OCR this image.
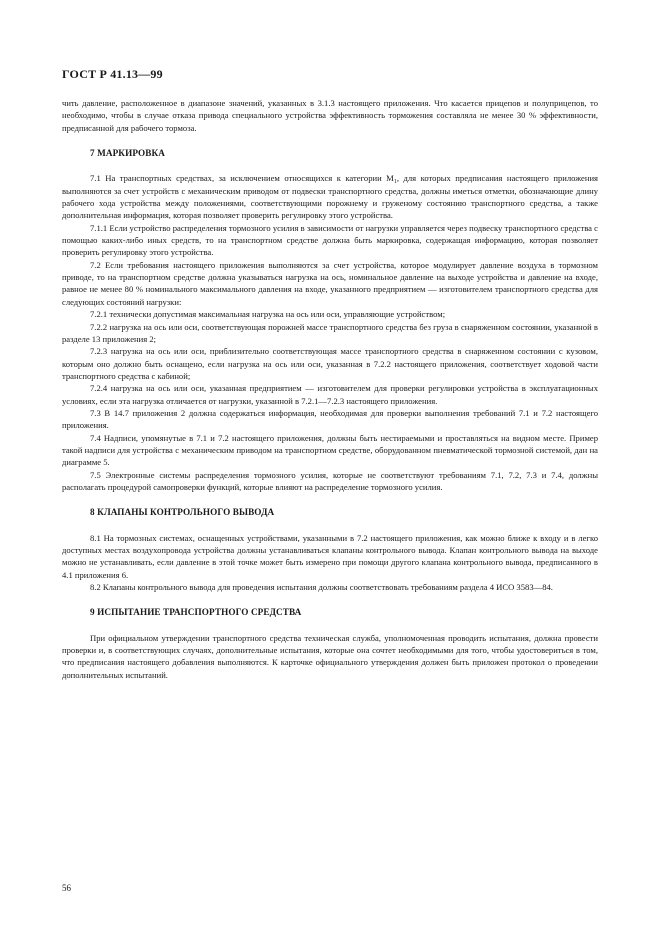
ГОСТ Р 41.13—99

чить давление, расположенное в диапазоне значений, указанных в 3.1.3 настоящего приложения. Что касается прицепов и полуприцепов, то необходимо, чтобы в случае отказа привода специального устройства эффективность торможения составляла не менее 30 % эффективности, предписанной для рабочего тормоза.

7 МАРКИРОВКА

7.1 На транспортных средствах, за исключением относящихся к категории $M_1$, для которых предписания настоящего приложения выполняются за счет устройств с механическим приводом от подвески транспортного средства, должны иметься отметки, обозначающие длину рабочего хода устройства между положениями, соответствующими порожнему и груженому состоянию транспортного средства, а также дополнительная информация, которая позволяет проверить регулировку этого устройства.

7.1.1 Если устройство распределения тормозного усилия в зависимости от нагрузки управляется через подвеску транспортного средства с помощью каких-либо иных средств, то на транспортном средстве должна быть маркировка, содержащая информацию, которая позволяет проверить регулировку этого устройства.

7.2 Если требования настоящего приложения выполняются за счет устройства, которое модулирует давление воздуха в тормозном приводе, то на транспортном средстве должна указываться нагрузка на ось, номинальное давление на выходе устройства и давление на входе, равное не менее 80 % номинального максимального давления на входе, указанного предприятием — изготовителем транспортного средства для следующих состояний нагрузки:

7.2.1 технически допустимая максимальная нагрузка на ось или оси, управляющие устройством;

7.2.2 нагрузка на ось или оси, соответствующая порожней массе транспортного средства без груза в снаряженном состоянии, указанной в разделе 13 приложения 2;

7.2.3 нагрузка на ось или оси, приблизительно соответствующая массе транспортного средства в снаряженном состоянии с кузовом, которым оно должно быть оснащено, если нагрузка на ось или оси, указанная в 7.2.2 настоящего приложения, соответствует ходовой части транспортного средства с кабиной;

7.2.4 нагрузка на ось или оси, указанная предприятием — изготовителем для проверки регулировки устройства в эксплуатационных условиях, если эта нагрузка отличается от нагрузки, указанной в 7.2.1—7.2.3 настоящего приложения.

7.3 В 14.7 приложения 2 должна содержаться информация, необходимая для проверки выполнения требований 7.1 и 7.2 настоящего приложения.

7.4 Надписи, упомянутые в 7.1 и 7.2 настоящего приложения, должны быть нестираемыми и проставляться на видном месте. Пример такой надписи для устройства с механическим приводом на транспортном средстве, оборудованном пневматической тормозной системой, дан на диаграмме 5.

7.5 Электронные системы распределения тормозного усилия, которые не соответствуют требованиям 7.1, 7.2, 7.3 и 7.4, должны располагать процедурой самопроверки функций, которые влияют на распределение тормозного усилия.

8 КЛАПАНЫ КОНТРОЛЬНОГО ВЫВОДА

8.1 На тормозных системах, оснащенных устройствами, указанными в 7.2 настоящего приложения, как можно ближе к входу и в легко доступных местах воздухопровода устройства должны устанавливаться клапаны контрольного вывода. Клапан контрольного вывода на выходе можно не устанавливать, если давление в этой точке может быть измерено при помощи другого клапана контрольного вывода, предписанного в 4.1 приложения 6.

8.2 Клапаны контрольного вывода для проведения испытания должны соответствовать требованиям раздела 4 ИСО 3583—84.

9 ИСПЫТАНИЕ ТРАНСПОРТНОГО СРЕДСТВА

При официальном утверждении транспортного средства техническая служба, уполномоченная проводить испытания, должна провести проверки и, в соответствующих случаях, дополнительные испытания, которые она сочтет необходимыми для того, чтобы удостовериться в том, что предписания настоящего добавления выполняются. К карточке официального утверждения должен быть приложен протокол о проведении дополнительных испытаний.

56
